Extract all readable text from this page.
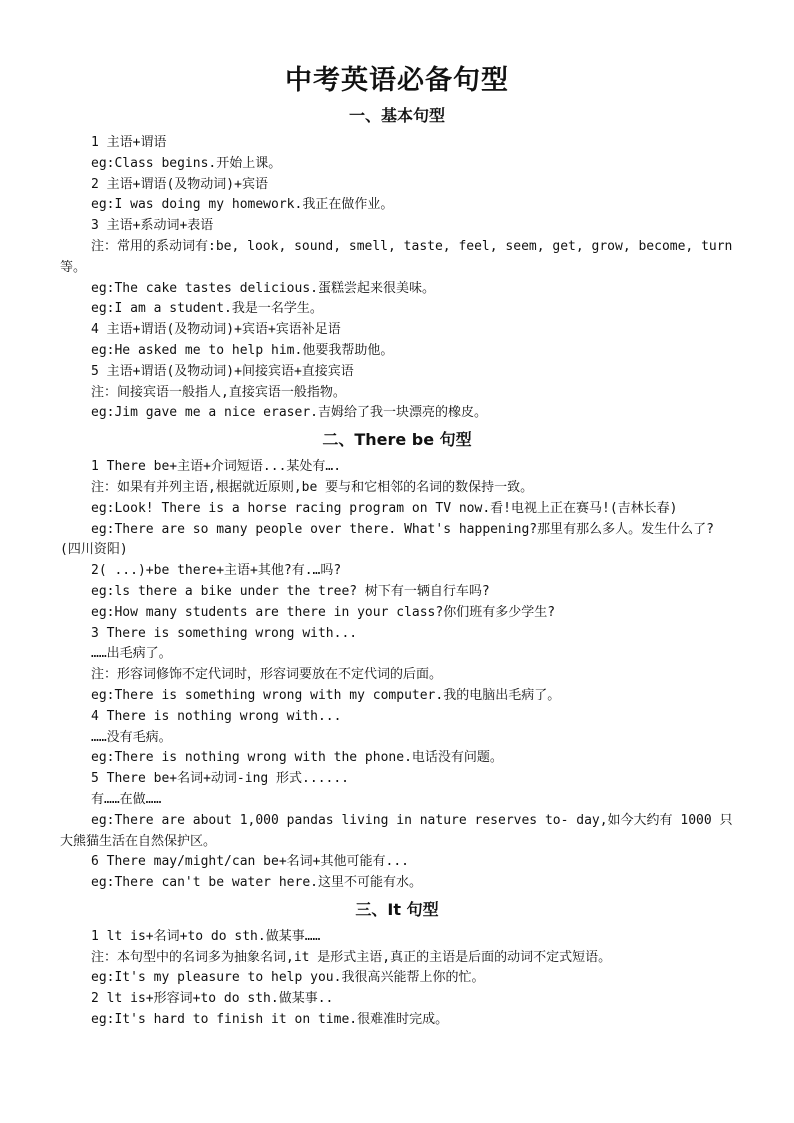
中考英语必备句型
一、基本句型

1 主语+谓语

eg:Class begins.开始上课。

2 主语+谓语(及物动词)+宾语

eg:I was doing my homework.我正在做作业。

3 主语+系动词+表语

注：常用的系动词有:be, look, sound, smell, taste, feel, seem, get, grow, become, turn等。

eg:The cake tastes delicious.蛋糕尝起来很美味。

eg:I am a student.我是一名学生。

4 主语+谓语(及物动词)+宾语+宾语补足语

eg:He asked me to help him.他要我帮助他。

5 主语+谓语(及物动词)+间接宾语+直接宾语

注：间接宾语一般指人,直接宾语一般指物。

eg:Jim gave me a nice eraser.吉姆给了我一块漂亮的橡皮。

二、There be 句型

1 There be+主语+介词短语...某处有….

注：如果有并列主语,根据就近原则,be 要与和它相邻的名词的数保持一致。

eg:Look! There is a horse racing program on TV now.看!电视上正在赛马!(吉林长春)

eg:There are so many people over there. What's happening?那里有那么多人。发生什么了?(四川资阳)

2( ...)+be there+主语+其他?有.…吗?

eg:ls there a bike under the tree? 树下有一辆自行车吗?

eg:How many students are there in your class?你们班有多少学生?

3 There is something wrong with...

……出毛病了。

注：形容词修饰不定代词时，形容词要放在不定代词的后面。

eg:There is something wrong with my computer.我的电脑出毛病了。

4 There is nothing wrong with...

……没有毛病。

eg:There is nothing wrong with the phone.电话没有问题。

5 There be+名词+动词-ing 形式......

有……在做……

eg:There are about 1,000 pandas living in nature reserves to- day,如今大约有 1000 只大熊猫生活在自然保护区。

6 There may/might/can be+名词+其他可能有...

eg:There can't be water here.这里不可能有水。

三、It 句型

1 lt is+名词+to do sth.做某事……

注：本句型中的名词多为抽象名词,it 是形式主语,真正的主语是后面的动词不定式短语。

eg:It's my pleasure to help you.我很高兴能帮上你的忙。

2 lt is+形容词+to do sth.做某事..

eg:It's hard to finish it on time.很难准时完成。
